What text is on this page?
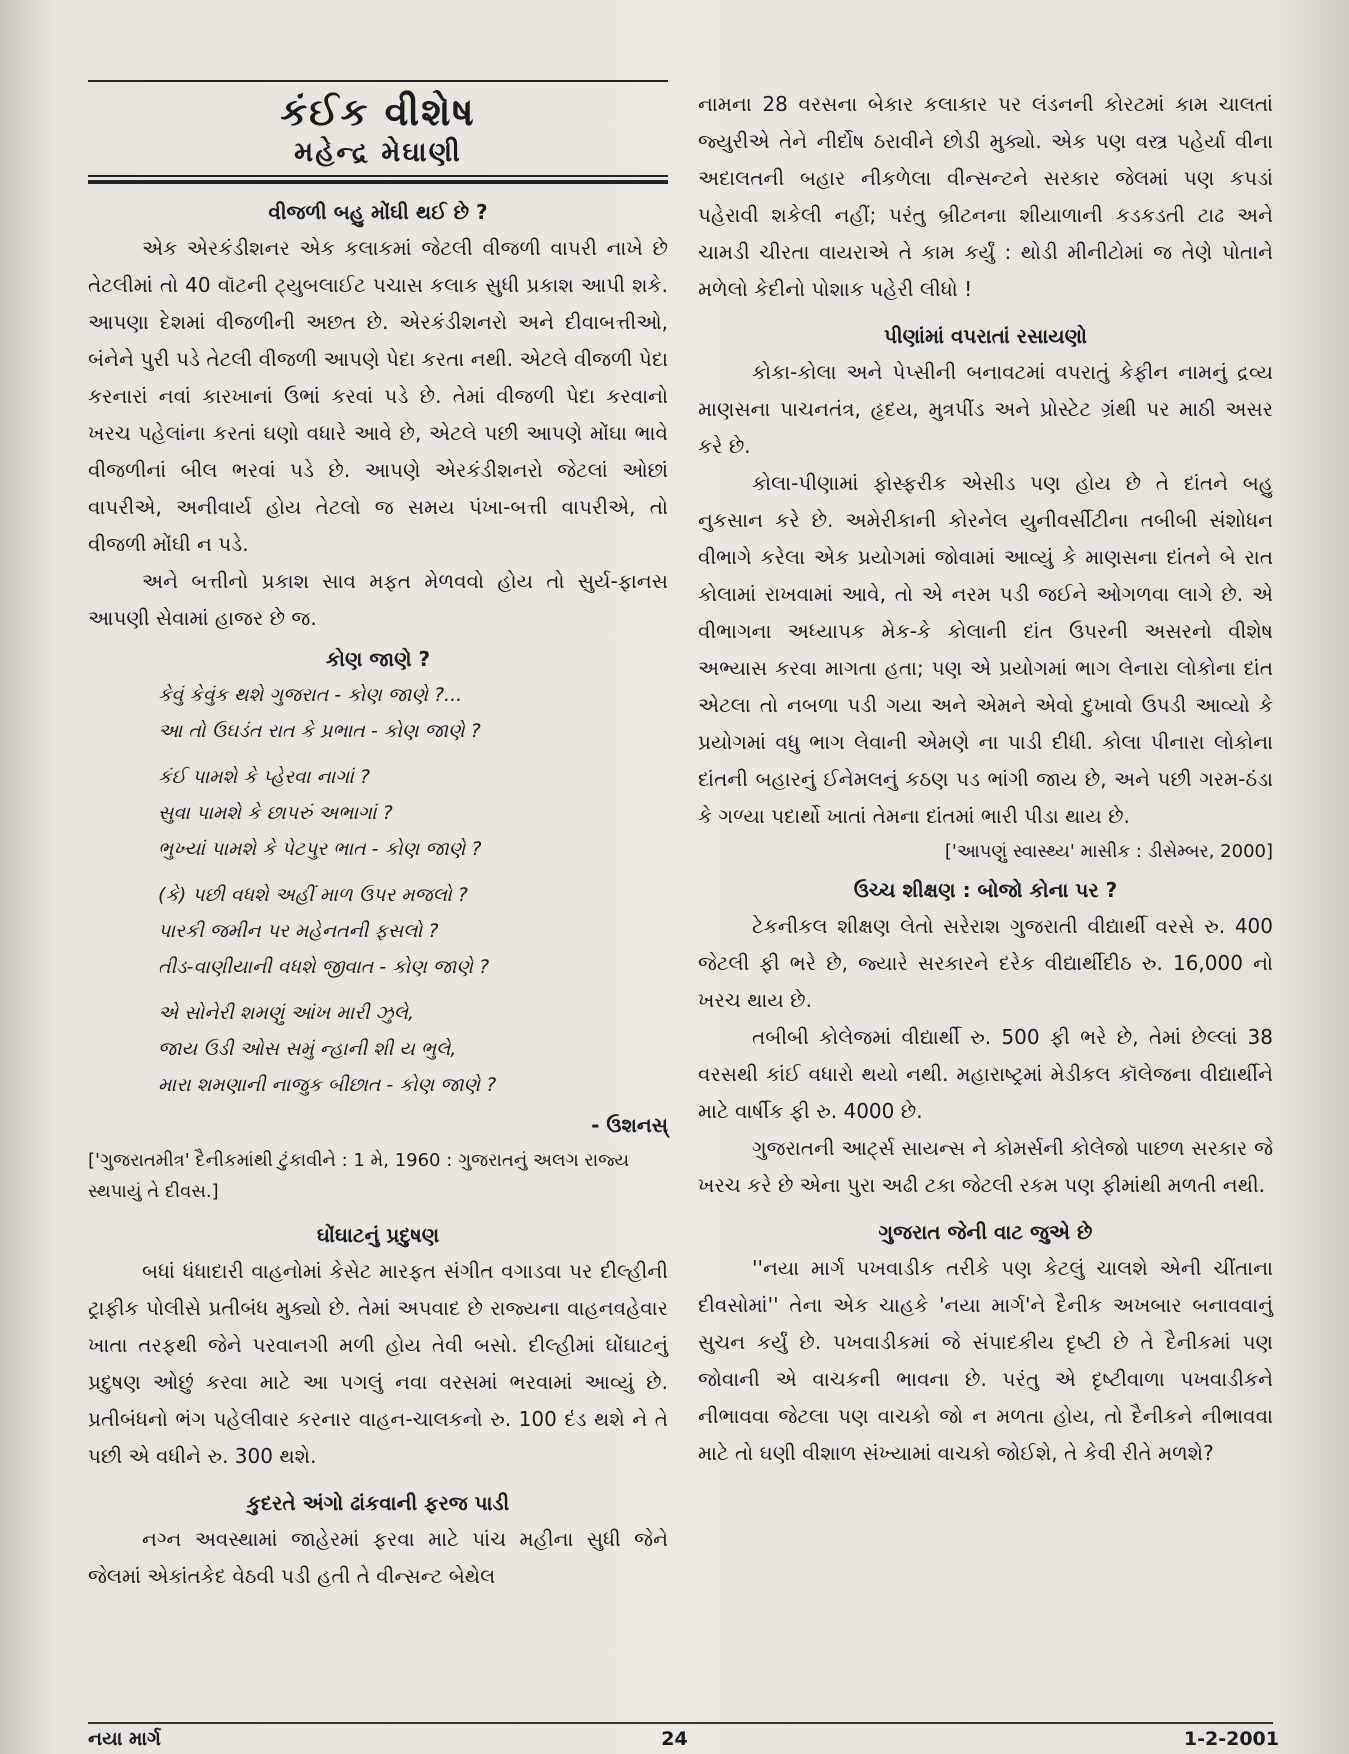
કંઈક વીશેષ
મહેન્દ્ર મેઘાણી
વીજળી બહુ મોંઘી થઈ છે ?

એક એરકંડીશનર એક કલાકમાં જેટલી વીજળી વાપરી નાખે છે તેટલીમાં તો 40 વૉટની ટ્યુબલાઈટ પચાસ કલાક સુધી પ્રકાશ આપી શકે. આપણા દેશમાં વીજળીની અછત છે. એરકંડીશનરો અને દીવાબત્તીઓ, બંનેને પુરી પડે તેટલી વીજળી આપણે પેદા કરતા નથી. એટલે વીજળી પેદા કરનારાં નવાં કારખાનાં ઉભાં કરવાં પડે છે. તેમાં વીજળી પેદા કરવાનો ખરચ પહેલાંના કરતાં ઘણો વધારે આવે છે, એટલે પછી આપણે મોંઘા ભાવે વીજળીનાં બીલ ભરવાં પડે છે. આપણે એરકંડીશનરો જેટલાં ઓછાં વાપરીએ, અનીવાર્ય હોય તેટલો જ સમય પંખા-બત્તી વાપરીએ, તો વીજળી મોંઘી ન પડે.

અને બત્તીનો પ્રકાશ સાવ મફત મેળવવો હોય તો સુર્ય-ફાનસ આપણી સેવામાં હાજર છે જ.

કોણ જાણે ?
કેવું કેવુંક થશે ગુજરાત - કોણ જાણે ?...
આ તો ઉઘડંત રાત કે પ્રભાત - કોણ જાણે ?
કંઈ પામશે કે પ્હેરવા નાગાં ?
સુવા પામશે કે છાપરું અભાગાં ?
ભુખ્યાં પામશે કે પેટપુર ભાત - કોણ જાણે ?
(કે) પછી વધશે અહીં માળ ઉપર મજલો ?
પારકી જમીન પર મહેનતની ફસલો ?
તીડ-વાણીયાની વધશે જીવાત - કોણ જાણે ?
એ સોનેરી શમણું આંખ મારી ઝુલે,
જાય ઉડી ઓસ સમું ન્હાની શી ય ભુલે,
મારા શમણાની નાજુક બીછાત - કોણ જાણે ?
- ઉશનસ્

['ગુજરાતમીત્ર' દૈનીકમાંથી ટુંકાવીને : 1 મે, 1960 : ગુજરાતનું અલગ રાજ્ય સ્થપાયું તે દીવસ.]

ઘોંઘાટનું પ્રદુષણ

બધાં ધંધાદારી વાહનોમાં કેસેટ મારફત સંગીત વગાડવા પર દીલ્હીની ટ્રાફીક પોલીસે પ્રતીબંધ મુક્યો છે. તેમાં અપવાદ છે રાજ્યના વાહનવહેવાર ખાતા તરફથી જેને પરવાનગી મળી હોય તેવી બસો. દીલ્હીમાં ઘોંઘાટનું પ્રદુષણ ઓછું કરવા માટે આ પગલું નવા વરસમાં ભરવામાં આવ્યું છે. પ્રતીબંધનો ભંગ પહેલીવાર કરનાર વાહન-ચાલકનો રુ. 100 દંડ થશે ને તે પછી એ વધીને રુ. 300 થશે.

કુદરતે અંગો ઢાંકવાની ફરજ પાડી

નગ્ન અવસ્થામાં જાહેરમાં ફરવા માટે પાંચ મહીના સુધી જેને જેલમાં એકાંતકેદ વેઠવી પડી હતી તે વીન્સન્ટ બેથેલ

નામના 28 વરસના બેકાર કલાકાર પર લંડનની કોરટમાં કામ ચાલતાં જ્યુરીએ તેને નીર્દોષ ઠરાવીને છોડી મુક્યો. એક પણ વસ્ત્ર પહેર્યા વીના અદાલતની બહાર નીકળેલા વીન્સન્ટને સરકાર જેલમાં પણ કપડાં પહેરાવી શકેલી નહીં; પરંતુ બ્રીટનના શીયાળાની કડકડતી ટાઢ અને ચામડી ચીરતા વાયરાએ તે કામ કર્યું : થોડી મીનીટોમાં જ તેણે પોતાને મળેલો કેદીનો પોશાક પહેરી લીધો !

પીણાંમાં વપરાતાં રસાયણો

કોકા-કોલા અને પેપ્સીની બનાવટમાં વપરાતું કેફીન નામનું દ્રવ્ય માણસના પાચનતંત્ર, હૃદય, મુત્રપીંડ અને પ્રોસ્ટેટ ગ્રંથી પર માઠી અસર કરે છે.

કોલા-પીણામાં ફોસ્ફરીક એસીડ પણ હોય છે તે દાંતને બહુ નુકસાન કરે છે. અમેરીકાની કોરનેલ યુનીવર્સીટીના તબીબી સંશોધન વીભાગે કરેલા એક પ્રયોગમાં જોવામાં આવ્યું કે માણસના દાંતને બે રાત કોલામાં રાખવામાં આવે, તો એ નરમ પડી જઈને ઓગળવા લાગે છે. એ વીભાગના અધ્યાપક મેક-કે કોલાની દાંત ઉપરની અસરનો વીશેષ અભ્યાસ કરવા માગતા હતા; પણ એ પ્રયોગમાં ભાગ લેનારા લોકોના દાંત એટલા તો નબળા પડી ગયા અને એમને એવો દુખાવો ઉપડી આવ્યો કે પ્રયોગમાં વધુ ભાગ લેવાની એમણે ના પાડી દીધી. કોલા પીનારા લોકોના દાંતની બહારનું ઈનેમલનું કઠણ પડ ભાંગી જાય છે, અને પછી ગરમ-ઠંડા કે ગળ્યા પદાર્થો ખાતાં તેમના દાંતમાં ભારી પીડા થાય છે.

['આપણું સ્વાસ્થ્ય' માસીક : ડીસેમ્બર, 2000]
ઉચ્ચ શીક્ષણ : બોજો કોના પર ?

ટેકનીકલ શીક્ષણ લેતો સરેરાશ ગુજરાતી વીદ્યાર્થી વરસે રુ. 400 જેટલી ફી ભરે છે, જ્યારે સરકારને દરેક વીદ્યાર્થીદીઠ રુ. 16,000 નો ખરચ થાય છે.

તબીબી કોલેજમાં વીદ્યાર્થી રુ. 500 ફી ભરે છે, તેમાં છેલ્લાં 38 વરસથી કાંઈ વધારો થયો નથી. મહારાષ્ટ્રમાં મેડીકલ કૉલેજના વીદ્યાર્થીને માટે વાર્ષીક ફી રુ. 4000 છે.

ગુજરાતની આર્ટ્સ સાયન્સ ને કોમર્સની કોલેજો પાછળ સરકાર જે ખરચ કરે છે એના પુરા અઢી ટકા જેટલી રકમ પણ ફીમાંથી મળતી નથી.

ગુજરાત જેની વાટ જુએ છે

''નયા માર્ગ પખવાડીક તરીકે પણ કેટલું ચાલશે એની ચીંતાના દીવસોમાં'' તેના એક ચાહકે 'નયા માર્ગ'ને દૈનીક અખબાર બનાવવાનું સુચન કર્યું છે. પખવાડીકમાં જે સંપાદકીય દૃષ્ટી છે તે દૈનીકમાં પણ જોવાની એ વાચકની ભાવના છે. પરંતુ એ દૃષ્ટીવાળા પખવાડીકને નીભાવવા જેટલા પણ વાચકો જો ન મળતા હોય, તો દૈનીકને નીભાવવા માટે તો ઘણી વીશાળ સંખ્યામાં વાચકો જોઈશે, તે કેવી રીતે મળશે?

નયા માર્ગ	24	1-2-2001
